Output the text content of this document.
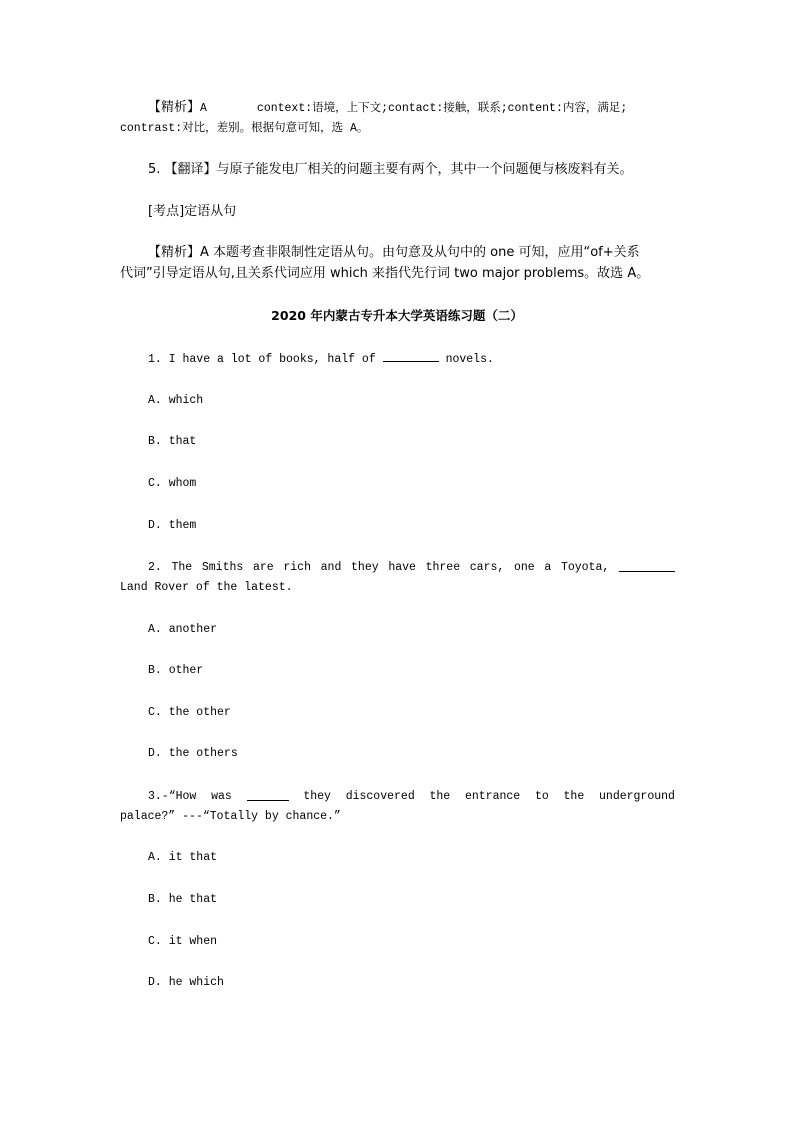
【精析】A	context:语境，上下文;contact:接触，联系;content:内容，满足;
contrast:对比，差别。根据句意可知，选 A。
5. 【翻译】与原子能发电厂相关的问题主要有两个，其中一个问题便与核废料有关。
[考点]定语从句
【精析】A 本题考查非限制性定语从句。由句意及从句中的 one 可知，应用“of+关系
代词”引导定语从句,且关系代词应用 which 来指代先行词 two major problems。故选 A。
2020 年内蒙古专升本大学英语练习题（二）
1. I have a lot of books, half of	novels.
A. which
B. that
C. whom
D. them
2. The Smiths are rich and they have three cars, one a Toyota,
Land Rover of the latest.
A. another
B. other
C. the other
D. the others
3.-“How was	they discovered the entrance to the underground
palace?” ---“Totally by chance.”
A. it that
B. he that
C. it when
D. he which
